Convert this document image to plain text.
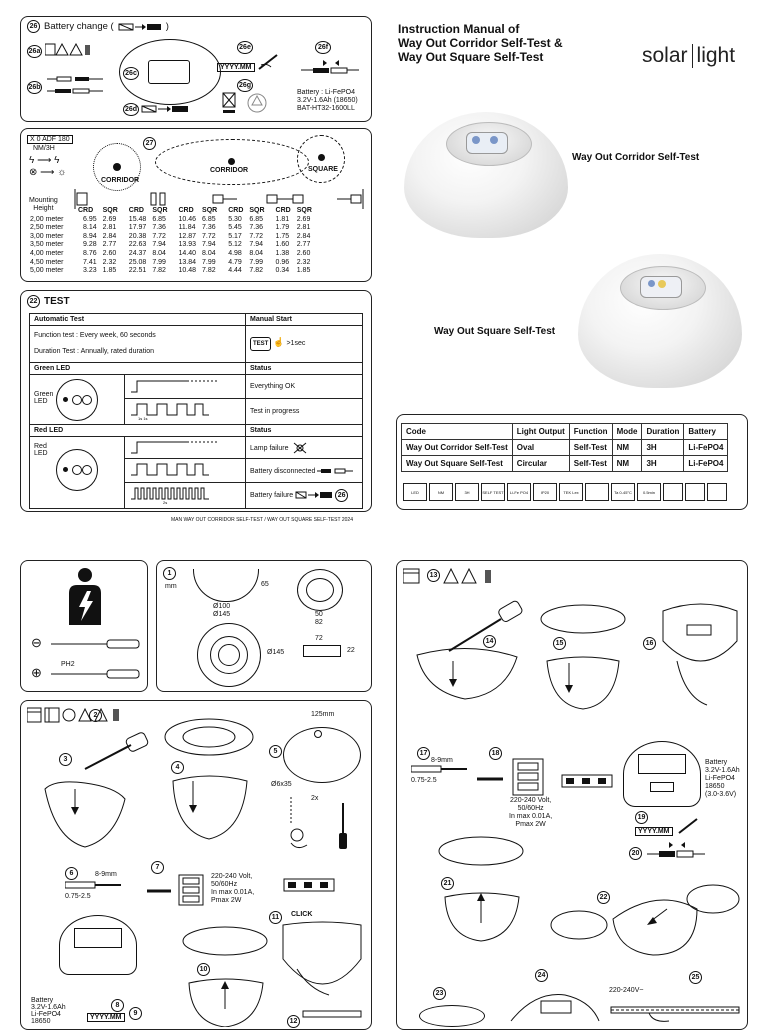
26 Battery change (	)
26a
26b
26c
26d
26e
YYYY.MM
26g
26f
Battery : Li-FePO4
3.2V-1.6Ah (18650)
BAT-HT32-1600LL
X 0 ADF 180
NM/3H
ϟ ⟶ ϟ
⊗ ⟶ ☼
27
CORRIDOR
CORRIDOR	SQUARE
Mounting
Height
		CRD	SQR	CRD	SQR	CRD	SQR	CRD	SQR	CRD	SQR
2,00 meter	6.95	2.69	15.48	6.85	10.46	6.85	5.30	6.85	1.81	2.69
2,50 meter	8.14	2.81	17.97	7.36	11.84	7.36	5.45	7.36	1.79	2.81
3,00 meter	8.94	2.84	20.38	7.72	12.87	7.72	5.17	7.72	1.75	2.84
3,50 meter	9.28	2.77	22.63	7.94	13.93	7.94	5.12	7.94	1.60	2.77
4,00 meter	8.76	2.60	24.37	8.04	14.40	8.04	4.98	8.04	1.38	2.60
4,50 meter	7.41	2.32	25.08	7.99	13.84	7.99	4.79	7.99	0.96	2.32
5,00 meter	3.23	1.85	22.51	7.82	10.48	7.82	4.44	7.82	0.34	1.85
22 TEST
Automatic Test		Manual Start

Function test : Every week, 60 seconds
Duration Test : Annually, rated duration		TEST ☝ >1sec
Green LED		Status

Green
LED		Everything OK

1s 1s	Test in progress
Red LED		Status

Red
LED		Lamp failure
	Battery disconnected

2s	Battery failure 26
MAN WAY OUT CORRIDOR SELF-TEST / WAY OUT SQUARE SELF-TEST 2024
Instruction Manual of
Way Out Corridor Self-Test &
Way Out Square Self-Test	solar light
Way Out Corridor Self-Test
Way Out Square Self-Test
Code	Light Output	Function	Mode	Duration	Battery
Way Out Corridor Self-Test	Oval	Self-Test	NM	3H	Li-FePO4
Way Out Square Self-Test	Circular	Self-Test	NM	3H	Li-FePO4
LED	NM	3H	SELF TEST	Li-Fe PO4	IP20	TEK Lex	Ta 0-45°C	0.5min
⊖
⊕
PH2
1
mm	65
Ø100
Ø145	50
82
Ø145
72
22
2
3
4
5
125mm
Ø6x35
2x
6	8-9mm
0.75-2.5
7
220-240 Volt,
50/60Hz
In max 0.01A,
Pmax 2W
Battery
3.2V-1.6Ah
Li-FePO4
18650
8
YYYY.MM
9
10
11	CLICK
12
13
14	15	16
17
8-9mm
0.75-2.5
18
220-240 Volt,
50/60Hz
In max 0.01A,
Pmax 2W
Battery
3.2V-1.6Ah
Li-FePO4
18650
(3.0-3.6V)
19
YYYY.MM
20
21
22
23
24
220-240V~
25
